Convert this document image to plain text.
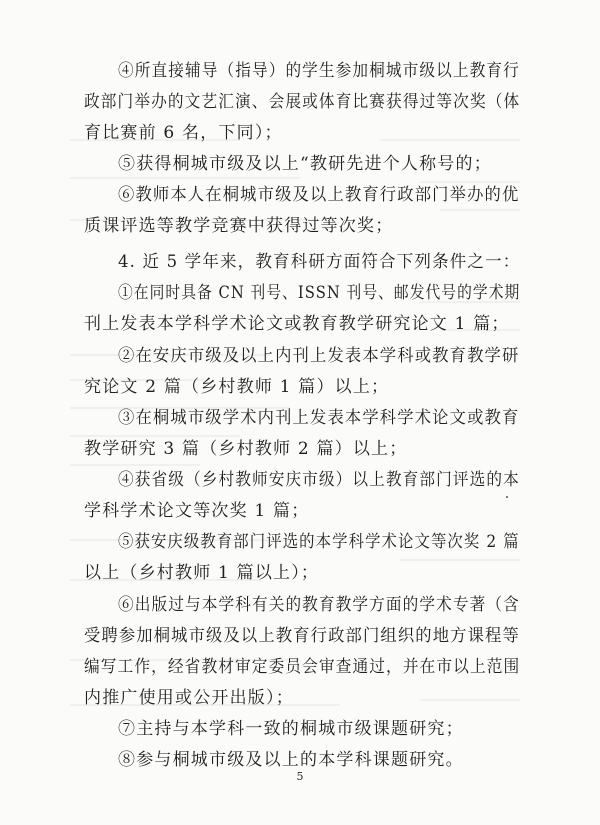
④所直接辅导（指导）的学生参加桐城市级以上教育行
政部门举办的文艺汇演、会展或体育比赛获得过等次奖（体
育比赛前 6 名，下同）；
⑤获得桐城市级及以上“教研先进个人称号的；
⑥教师本人在桐城市级及以上教育行政部门举办的优
质课评选等教学竞赛中获得过等次奖；
4. 近 5 学年来，教育科研方面符合下列条件之一：
①在同时具备 CN 刊号、ISSN 刊号、邮发代号的学术期
刊上发表本学科学术论文或教育教学研究论文 1 篇；
②在安庆市级及以上内刊上发表本学科或教育教学研
究论文 2 篇（乡村教师 1 篇）以上；
③在桐城市级学术内刊上发表本学科学术论文或教育
教学研究 3 篇（乡村教师 2 篇）以上；
④获省级（乡村教师安庆市级）以上教育部门评选的本
学科学术论文等次奖 1 篇；
⑤获安庆级教育部门评选的本学科学术论文等次奖 2 篇
以上（乡村教师 1 篇以上）；
⑥出版过与本学科有关的教育教学方面的学术专著（含
受聘参加桐城市级及以上教育行政部门组织的地方课程等
编写工作，经省教材审定委员会审查通过，并在市以上范围
内推广使用或公开出版）；
⑦主持与本学科一致的桐城市级课题研究；
⑧参与桐城市级及以上的本学科课题研究。
5
